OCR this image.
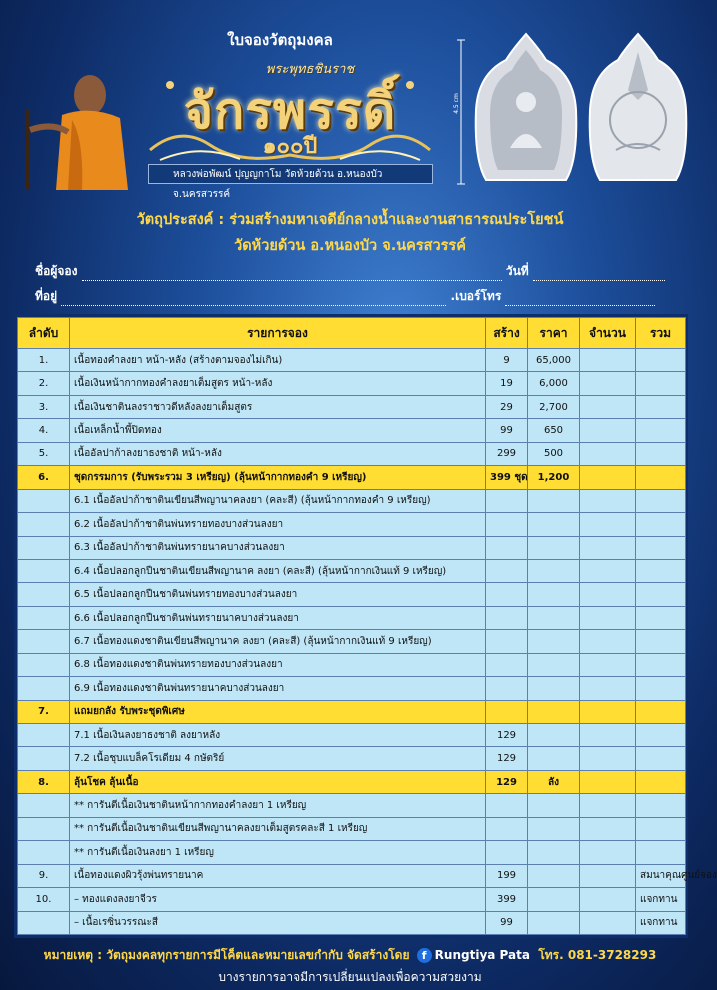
ใบจองวัตถุมงคล
พระพุทธชินราช
จักรพรรดิ์
๑๐๐ปี
หลวงพ่อพัฒน์ ปุญญกาโม วัดห้วยด้วน อ.หนองบัว จ.นครสวรรค์
4.5 cm
วัตถุประสงค์ : ร่วมสร้างมหาเจดีย์กลางน้ำและงานสาธารณประโยชน์
วัดห้วยด้วน อ.หนองบัว จ.นครสวรรค์
ชื่อผู้จอง	วันที่
ที่อยู่	.เบอร์โทร
ลำดับ	รายการจอง	สร้าง	ราคา	จำนวน	รวม
1.	เนื้อทองคำลงยา หน้า-หลัง (สร้างตามจองไม่เกิน)	9	65,000		
2.	เนื้อเงินหน้ากากทองคำลงยาเต็มสูตร หน้า-หลัง	19	6,000		
3.	เนื้อเงินชาตินลงราชาวดีหลังลงยาเต็มสูตร	29	2,700		
4.	เนื้อเหล็กน้ำพี้ปิดทอง	99	650		
5.	เนื้ออัลปาก้าลงยาธงชาติ หน้า-หลัง	299	500		
6.	ชุดกรรมการ (รับพระรวม 3 เหรียญ) (ลุ้นหน้ากากทองคำ 9 เหรียญ)	399 ชุด	1,200		
	6.1 เนื้ออัลปาก้าชาตินเขียนสีพญานาคลงยา (คละสี) (ลุ้นหน้ากากทองคำ 9 เหรียญ)				
	6.2 เนื้ออัลปาก้าชาตินพ่นทรายทองบางส่วนลงยา				
	6.3 เนื้ออัลปาก้าชาตินพ่นทรายนาคบางส่วนลงยา				
	6.4 เนื้อปลอกลูกปืนชาตินเขียนสีพญานาค ลงยา (คละสี) (ลุ้นหน้ากากเงินแท้ 9 เหรียญ)				
	6.5 เนื้อปลอกลูกปืนชาตินพ่นทรายทองบางส่วนลงยา				
	6.6 เนื้อปลอกลูกปืนชาตินพ่นทรายนาคบางส่วนลงยา				
	6.7 เนื้อทองแดงชาตินเขียนสีพญานาค ลงยา (คละสี) (ลุ้นหน้ากากเงินแท้ 9 เหรียญ)				
	6.8 เนื้อทองแดงชาตินพ่นทรายทองบางส่วนลงยา				
	6.9 เนื้อทองแดงชาตินพ่นทรายนาคบางส่วนลงยา				
7.	แถมยกลัง รับพระชุดพิเศษ				
	7.1 เนื้อเงินลงยาธงชาติ ลงยาหลัง	129			
	7.2 เนื้อชุบแบล็คโรเดียม 4 กษัตริย์	129			
8.	ลุ้นโชค ลุ้นเนื้อ	129	ลัง		
	** การันตีเนื้อเงินชาตินหน้ากากทองคำลงยา 1 เหรียญ				
	** การันตีเนื้อเงินชาตินเขียนสีพญานาคลงยาเต็มสูตรคละสี 1 เหรียญ				
	** การันตีเนื้อเงินลงยา 1 เหรียญ				
9.	เนื้อทองแดงผิวรุ้งพ่นทรายนาค	199			สมนาคุณศูนย์จอง
10.	– ทองแดงลงยาจีวร	399			แจกทาน
	– เนื้อเรซิ่นวรรณะสี	99			แจกทาน
หมายเหตุ : วัตถุมงคลทุกรายการมีโค็ตและหมายเลขกำกับ จัดสร้างโดย f Rungtiya Pata โทร. 081-3728293
บางรายการอาจมีการเปลี่ยนแปลงเพื่อความสวยงาม
